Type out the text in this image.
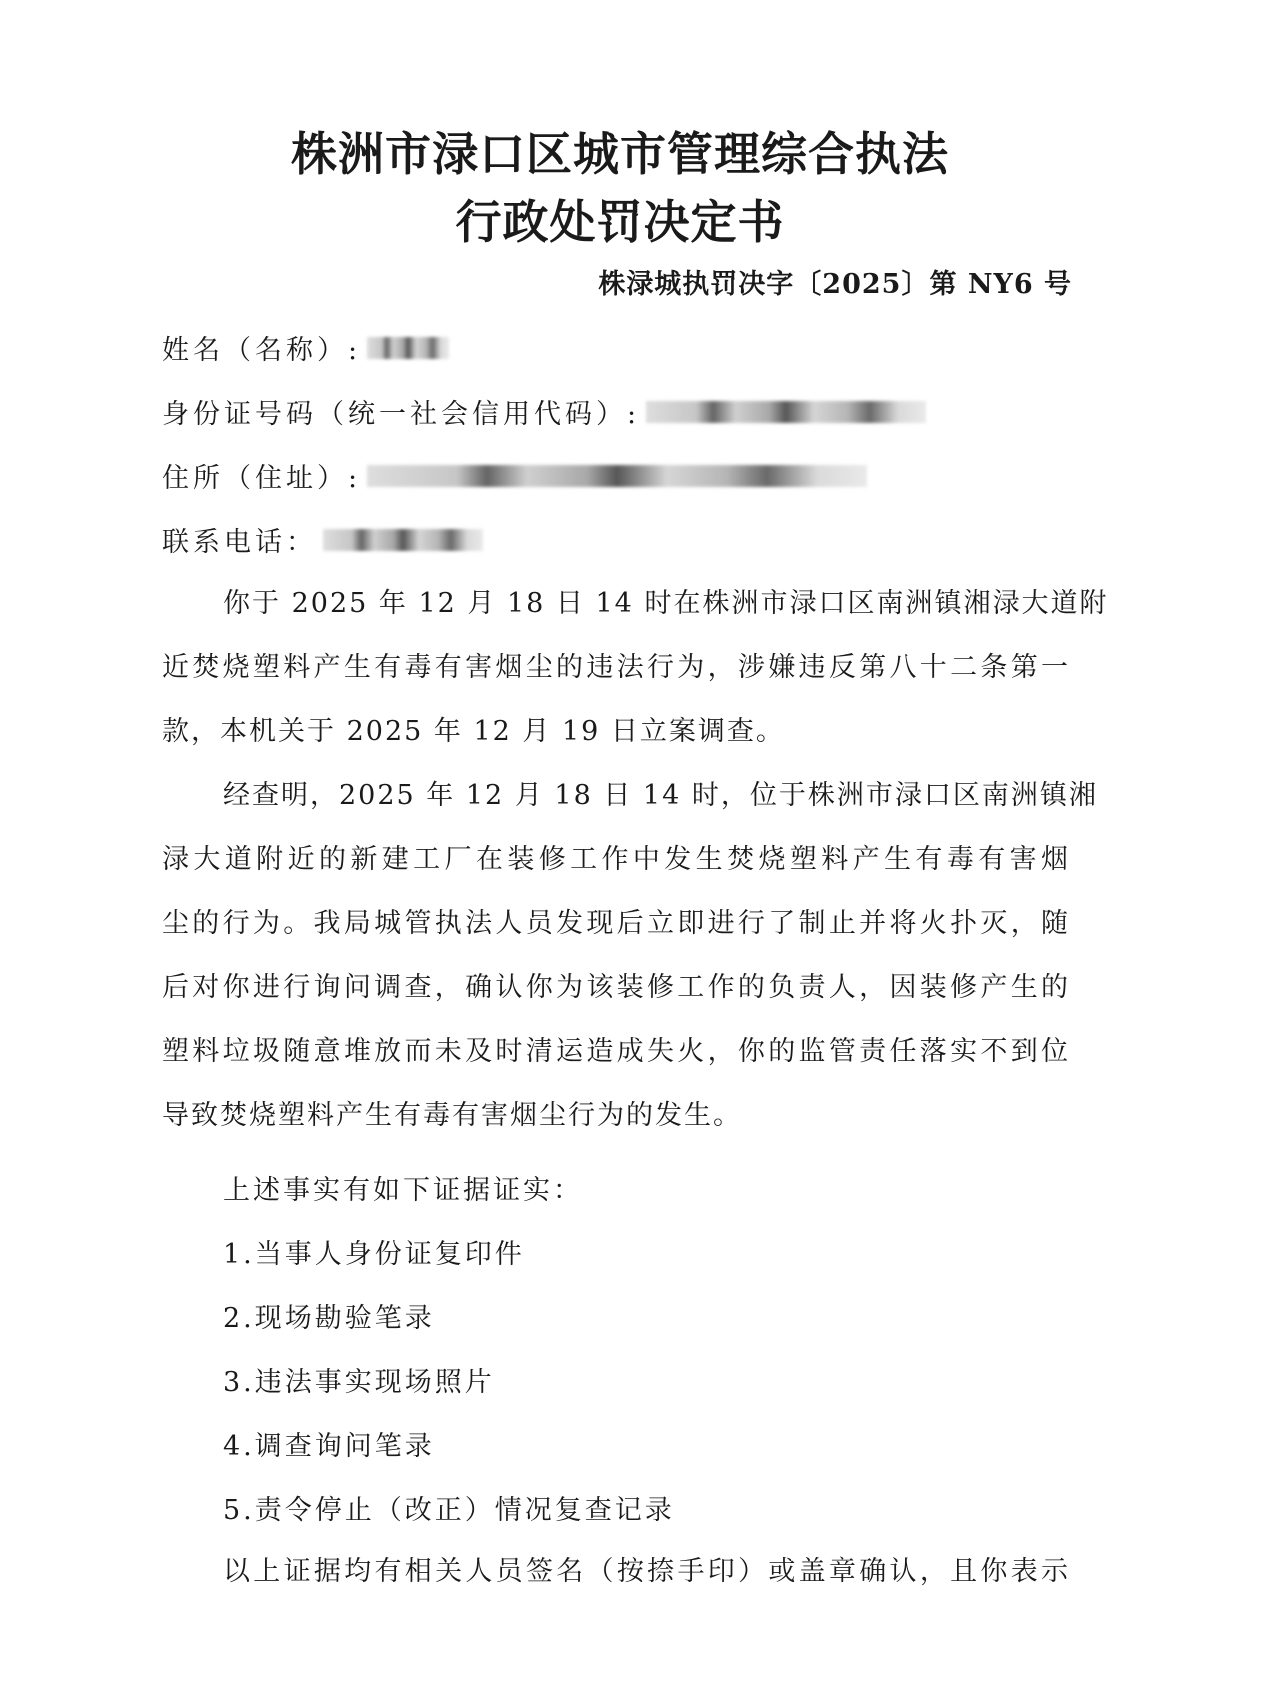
株洲市渌口区城市管理综合执法
行政处罚决定书
株渌城执罚决字〔2025〕第 NY6 号
姓名（名称）:
身份证号码（统一社会信用代码）:
住所（住址）:
联系电话：
你于 2025 年 12 月 18 日 14 时在株洲市渌口区南洲镇湘渌大道附
近焚烧塑料产生有毒有害烟尘的违法行为，涉嫌违反第八十二条第一
款，本机关于 2025 年 12 月 19 日立案调查。
经查明，2025 年 12 月 18 日 14 时，位于株洲市渌口区南洲镇湘
渌大道附近的新建工厂在装修工作中发生焚烧塑料产生有毒有害烟
尘的行为。我局城管执法人员发现后立即进行了制止并将火扑灭，随
后对你进行询问调查，确认你为该装修工作的负责人，因装修产生的
塑料垃圾随意堆放而未及时清运造成失火，你的监管责任落实不到位
导致焚烧塑料产生有毒有害烟尘行为的发生。
上述事实有如下证据证实：
1.当事人身份证复印件
2.现场勘验笔录
3.违法事实现场照片
4.调查询问笔录
5.责令停止（改正）情况复查记录
以上证据均有相关人员签名（按捺手印）或盖章确认，且你表示
